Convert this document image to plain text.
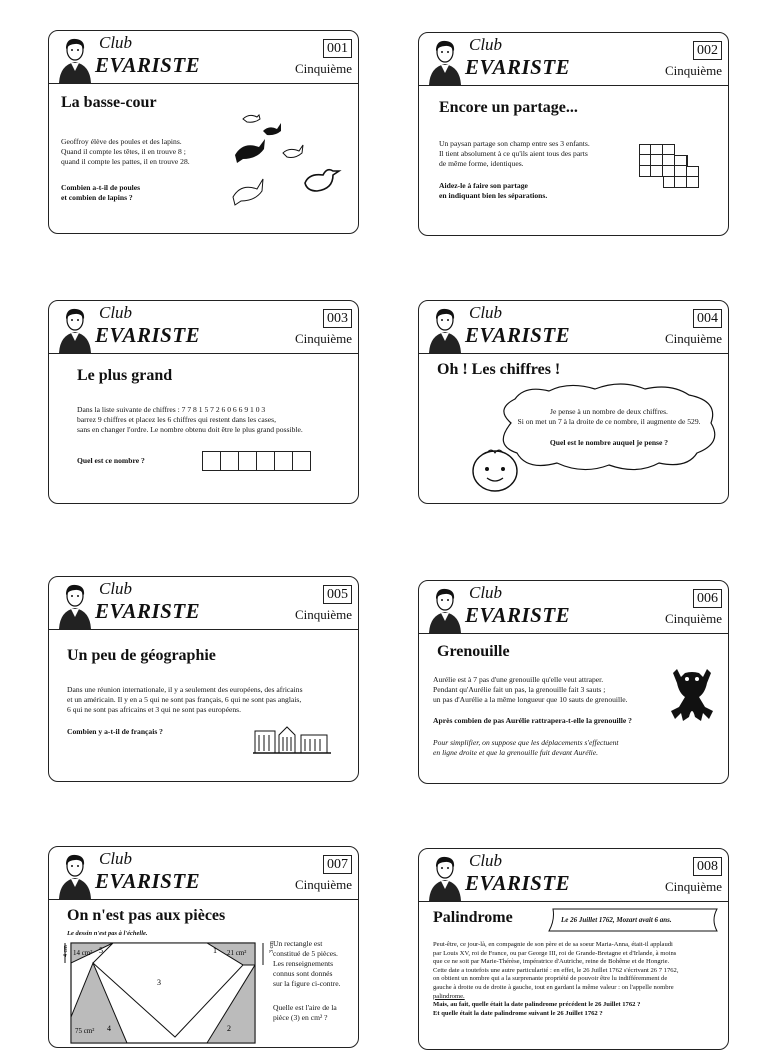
Club
EVARISTE
001
Cinquième
La basse-cour
Geoffroy élève des poules et des lapins.
Quand il compte les têtes, il en trouve 8 ;
quand il compte les pattes, il en trouve 28.
Combien a-t-il de poules
et combien de lapins ?
Club
EVARISTE
002
Cinquième
Encore un partage...
Un paysan partage son champ entre ses 3 enfants.
Il tient absolument à ce qu'ils aient tous des parts
de même forme, identiques.
Aidez-le à faire son partage
en indiquant bien les séparations.
Club
EVARISTE
003
Cinquième
Le plus grand
Dans la liste suivante de chiffres : 7 7 8 1 5 7 2 6 0 6 6 9 1 0 3
barrez 9 chiffres et placez les 6 chiffres qui restent dans les cases,
sans en changer l'ordre. Le nombre obtenu doit être le plus grand possible.
Quel est ce nombre ?
Club
EVARISTE
004
Cinquième
Oh ! Les chiffres !
Je pense à un nombre de deux chiffres.
Si on met un 7 à la droite de ce nombre, il augmente de 529.
Quel est le nombre auquel je pense ?
Club
EVARISTE
005
Cinquième
Un peu de géographie
Dans une réunion internationale, il y a seulement des européens, des africains
et un américain. Il y en a 5 qui ne sont pas français, 6 qui ne sont pas anglais,
6 qui ne sont pas africains et 3 qui ne sont pas européens.
Combien y a-t-il de français ?
Club
EVARISTE
006
Cinquième
Grenouille
Aurélie est à 7 pas d'une grenouille qu'elle veut attraper.
Pendant qu'Aurélie fait un pas, la grenouille fait 3 sauts ;
un pas d'Aurélie a la même longueur que 10 sauts de grenouille.
Après combien de pas Aurélie rattrapera-t-elle la grenouille ?
Pour simplifier, on suppose que les déplacements s'effectuent
en ligne droite et que la grenouille fuit devant Aurélie.
Club
EVARISTE
007
Cinquième
On n'est pas aux pièces
Le dessin n'est pas à l'échelle.
4 cm	3 cm
14 cm²	21 cm²
75 cm²
5	1
3
4	2
Un rectangle est
constitué de 5 pièces.
Les renseignements
connus sont donnés
sur la figure ci-contre.
Quelle est l'aire de la
pièce (3) en cm² ?
Club
EVARISTE
008
Cinquième
Palindrome	Le 26 Juillet 1762, Mozart avait 6 ans.
Peut-être, ce jour-là, en compagnie de son père et de sa soeur Maria-Anna, était-il applaudi
par Louis XV, roi de France, ou par George III, roi de Grande-Bretagne et d'Irlande, à moins
que ce ne soit par Marie-Thérèse, impératrice d'Autriche, reine de Bohême et de Hongrie.
Cette date a toutefois une autre particularité : en effet, le 26 Juillet 1762 s'écrivant 26 7 1762,
on obtient un nombre qui a la surprenante propriété de pouvoir être lu indifféremment de
gauche à droite ou de droite à gauche, tout en gardant la même valeur : on l'appelle nombre
palindrome.
Mais, au fait, quelle était la date palindrome précédent le 26 Juillet 1762 ?
Et quelle était la date palindrome suivant le 26 Juillet 1762 ?
